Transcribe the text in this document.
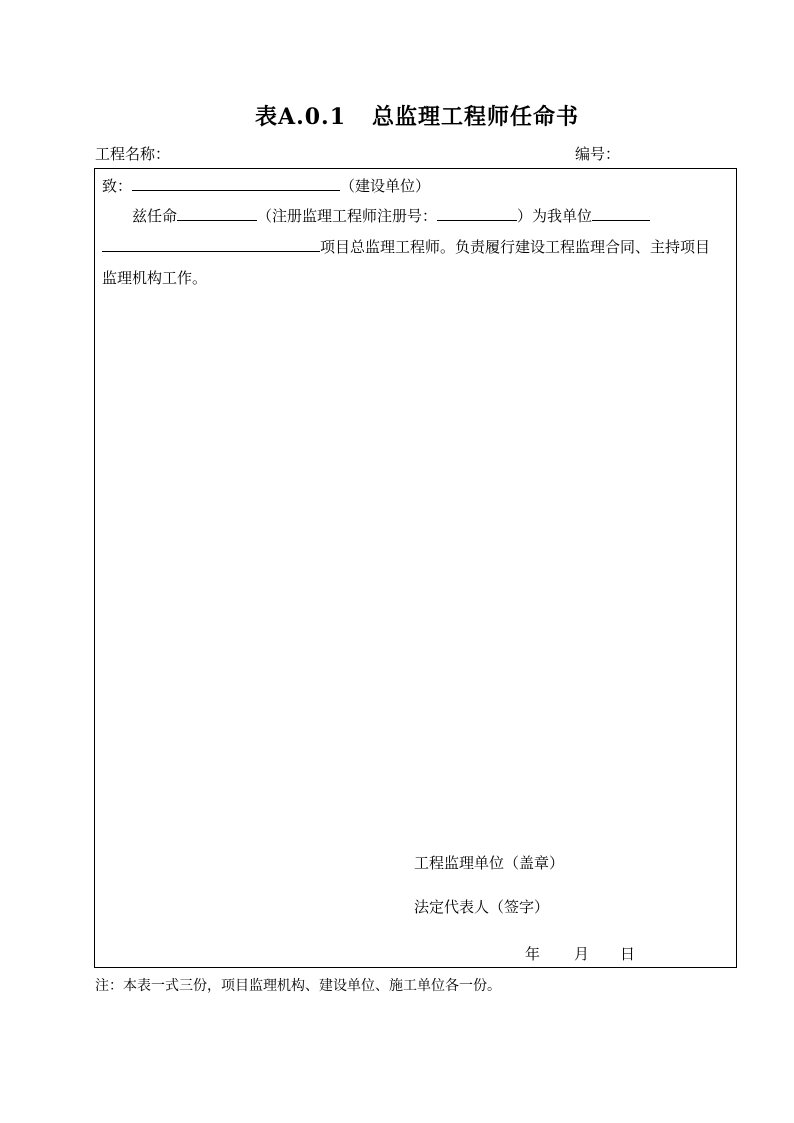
表A.0.1   总监理工程师任命书
工程名称：	编号：
致：	（建设单位）
兹任命	（注册监理工程师注册号：	）为我单位
项目总监理工程师。负责履行建设工程监理合同、主持项目
监理机构工作。
工程监理单位（盖章）
法定代表人（签字）
年 月 日
注：本表一式三份，项目监理机构、建设单位、施工单位各一份。
